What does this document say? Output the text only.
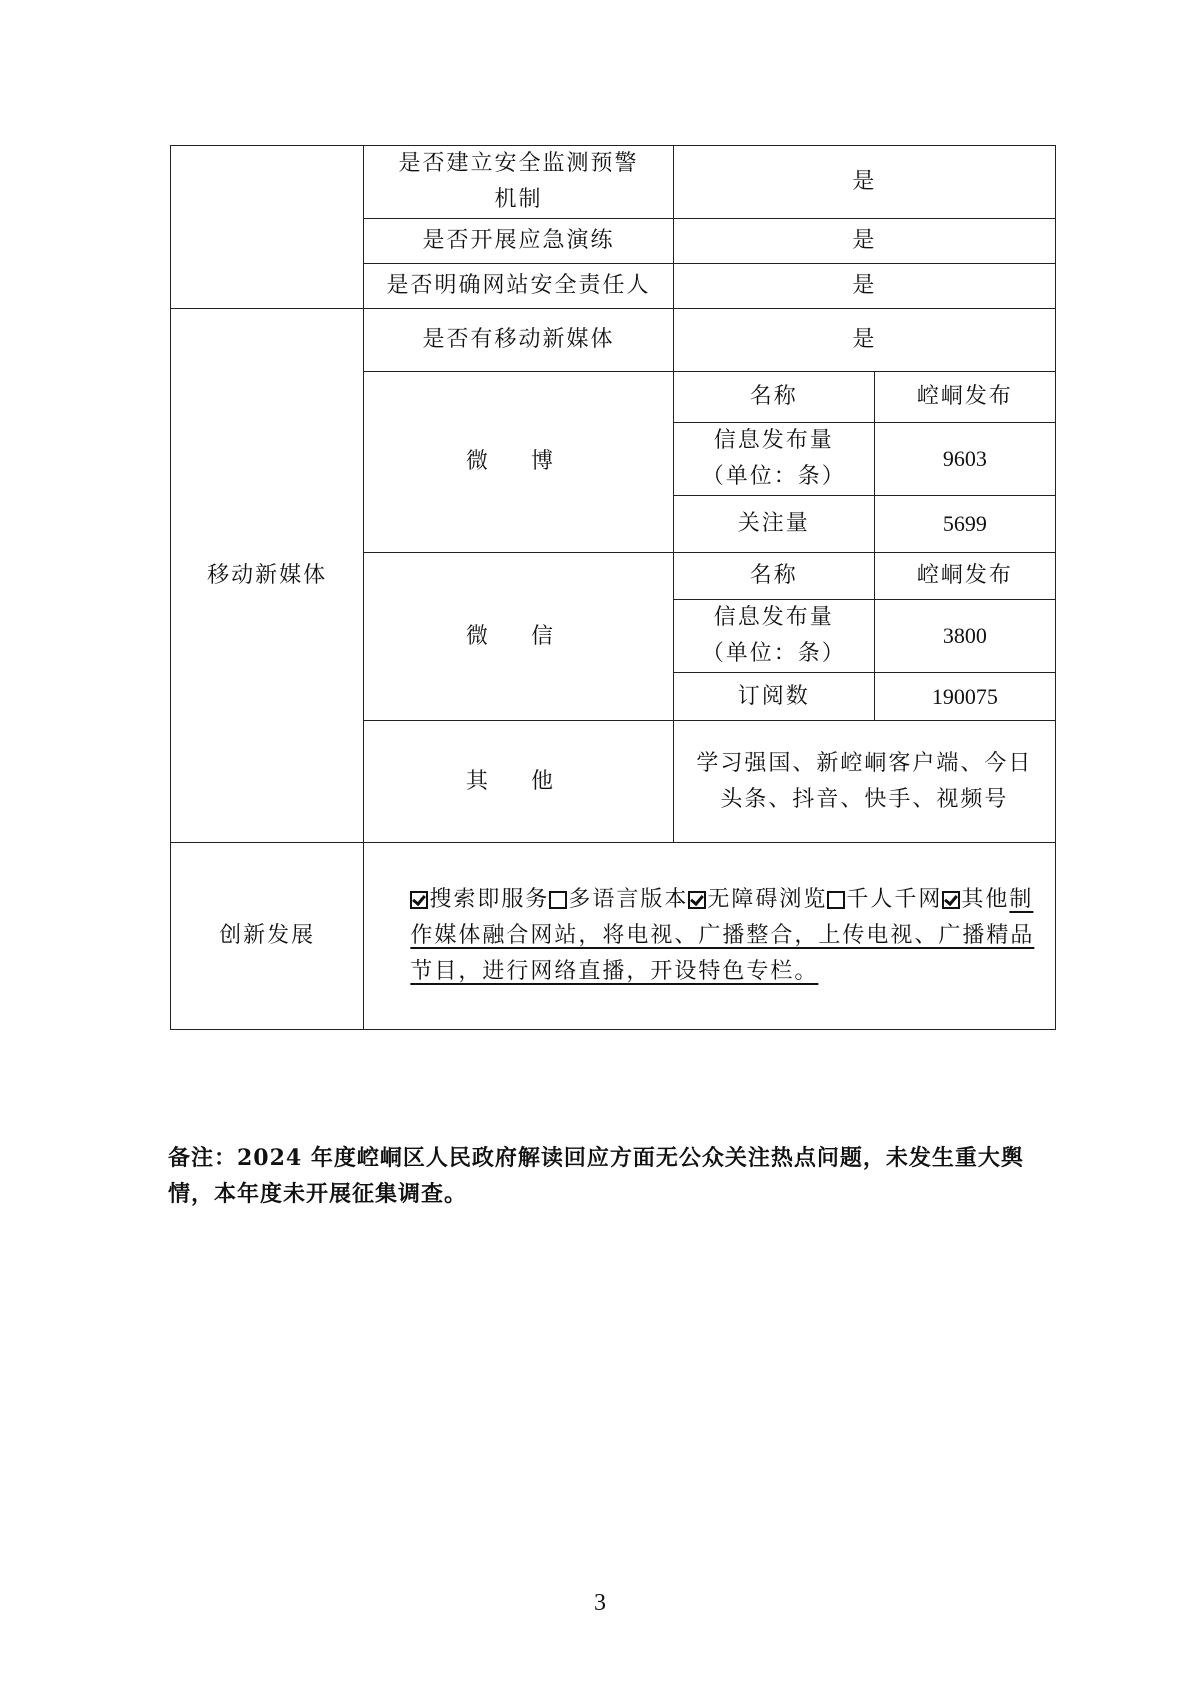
	是否建立安全监测预警机制	是	
	是否开展应急演练	是	
	是否明确网站安全责任人	是	
移动新媒体	是否有移动新媒体	是	
	微 博	名称	崆峒发布
		信息发布量（单位：条）	9603
		关注量	5699
	微 信	名称	崆峒发布
		信息发布量（单位：条）	3800
		订阅数	190075
	其 他	学习强国、新崆峒客户端、今日头条、抖音、快手、视频号	
创新发展	搜索即服务 多语言版本 无障碍浏览 千人千网 其他制作媒体融合网站，将电视、广播整合，上传电视、广播精品节目，进行网络直播，开设特色专栏。		

备注：2024 年度崆峒区人民政府解读回应方面无公众关注热点问题，未发生重大舆情，本年度未开展征集调查。

3
